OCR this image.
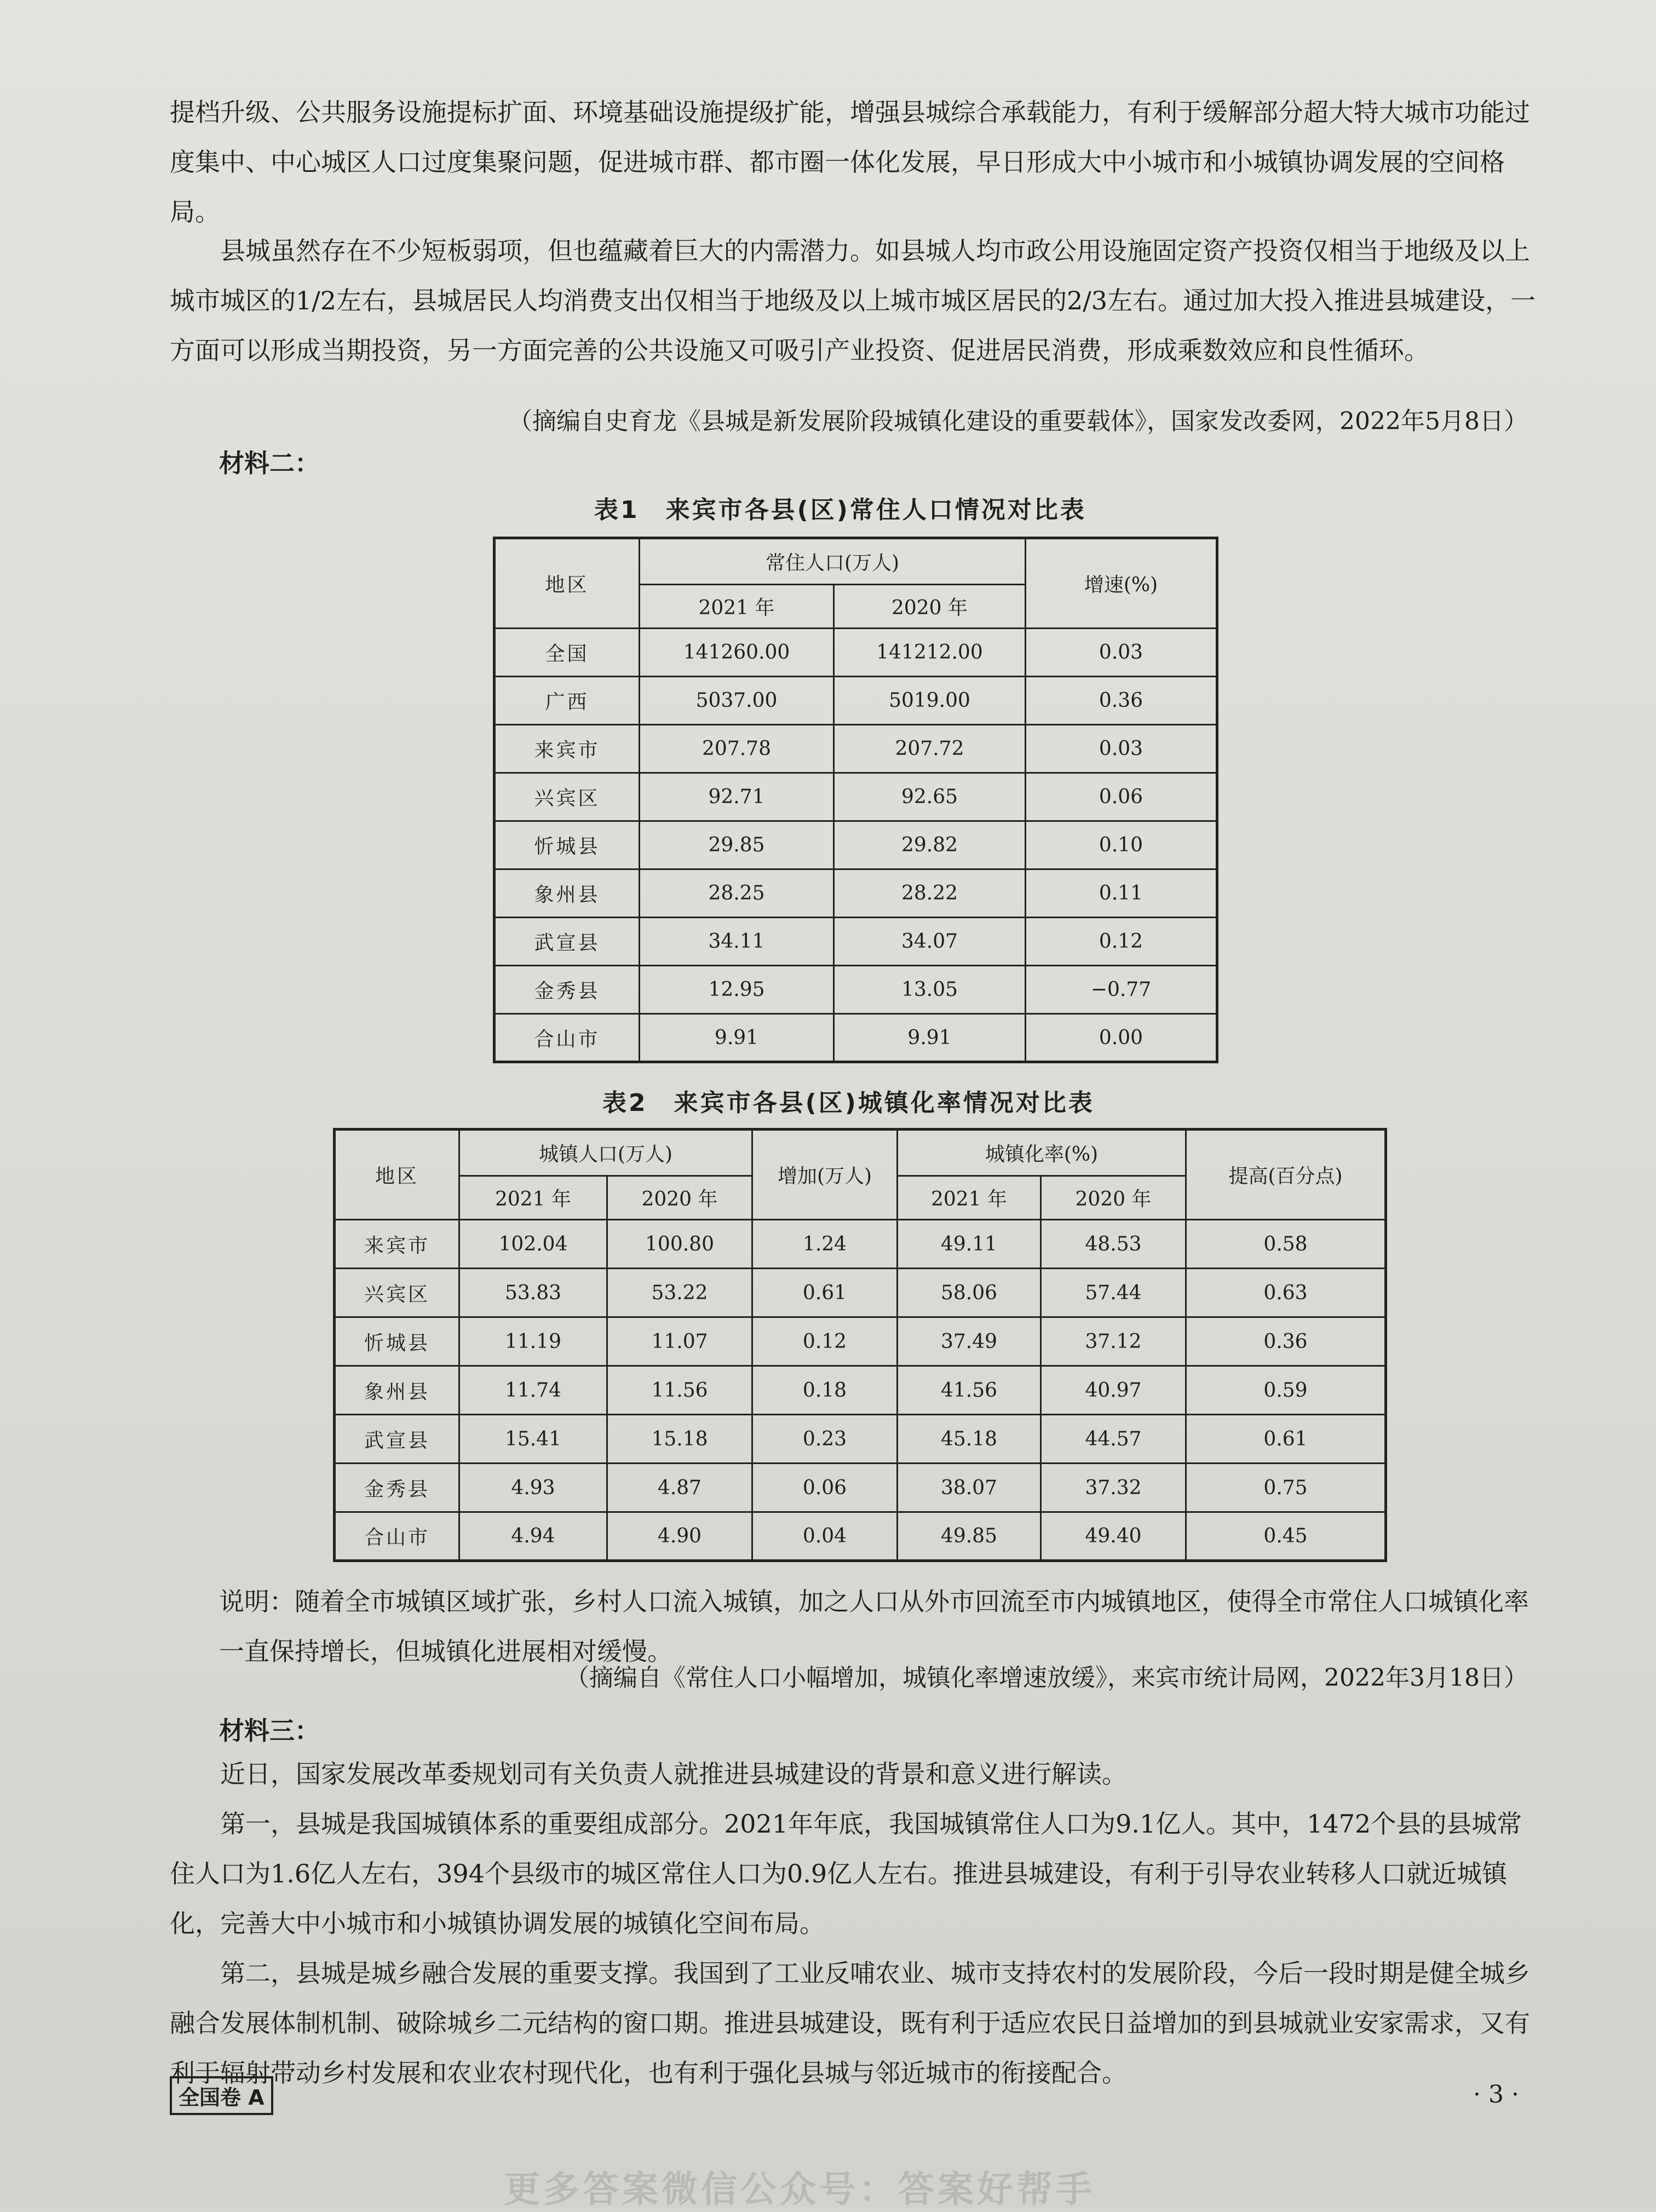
提档升级、公共服务设施提标扩面、环境基础设施提级扩能，增强县城综合承载能力，有利于缓解部分超大特大城市功能过度集中、中心城区人口过度集聚问题，促进城市群、都市圈一体化发展，早日形成大中小城市和小城镇协调发展的空间格局。

县城虽然存在不少短板弱项，但也蕴藏着巨大的内需潜力。如县城人均市政公用设施固定资产投资仅相当于地级及以上城市城区的1/2左右，县城居民人均消费支出仅相当于地级及以上城市城区居民的2/3左右。通过加大投入推进县城建设，一方面可以形成当期投资，另一方面完善的公共设施又可吸引产业投资、促进居民消费，形成乘数效应和良性循环。

（摘编自史育龙《县城是新发展阶段城镇化建设的重要载体》，国家发改委网，2022年5月8日）
材料二：
表1　来宾市各县(区)常住人口情况对比表
地区	常住人口(万人)		增速(%)
	2021 年	2020 年	
全国	141260.00	141212.00	0.03
广西	5037.00	5019.00	0.36
来宾市	207.78	207.72	0.03
兴宾区	92.71	92.65	0.06
忻城县	29.85	29.82	0.10
象州县	28.25	28.22	0.11
武宣县	34.11	34.07	0.12
金秀县	12.95	13.05	−0.77
合山市	9.91	9.91	0.00
表2　来宾市各县(区)城镇化率情况对比表
地区	城镇人口(万人)		增加(万人)	城镇化率(%)		提高(百分点)
	2021 年	2020 年		2021 年	2020 年	
来宾市	102.04	100.80	1.24	49.11	48.53	0.58
兴宾区	53.83	53.22	0.61	58.06	57.44	0.63
忻城县	11.19	11.07	0.12	37.49	37.12	0.36
象州县	11.74	11.56	0.18	41.56	40.97	0.59
武宣县	15.41	15.18	0.23	45.18	44.57	0.61
金秀县	4.93	4.87	0.06	38.07	37.32	0.75
合山市	4.94	4.90	0.04	49.85	49.40	0.45

说明：随着全市城镇区域扩张，乡村人口流入城镇，加之人口从外市回流至市内城镇地区，使得全市常住人口城镇化率一直保持增长，但城镇化进展相对缓慢。

（摘编自《常住人口小幅增加，城镇化率增速放缓》，来宾市统计局网，2022年3月18日）
材料三：

近日，国家发展改革委规划司有关负责人就推进县城建设的背景和意义进行解读。

第一，县城是我国城镇体系的重要组成部分。2021年年底，我国城镇常住人口为9.1亿人。其中，1472个县的县城常住人口为1.6亿人左右，394个县级市的城区常住人口为0.9亿人左右。推进县城建设，有利于引导农业转移人口就近城镇化，完善大中小城市和小城镇协调发展的城镇化空间布局。

第二，县城是城乡融合发展的重要支撑。我国到了工业反哺农业、城市支持农村的发展阶段，今后一段时期是健全城乡融合发展体制机制、破除城乡二元结构的窗口期。推进县城建设，既有利于适应农民日益增加的到县城就业安家需求，又有利于辐射带动乡村发展和农业农村现代化，也有利于强化县城与邻近城市的衔接配合。

全国卷 A	· 3 ·
更多答案微信公众号：答案好帮手
